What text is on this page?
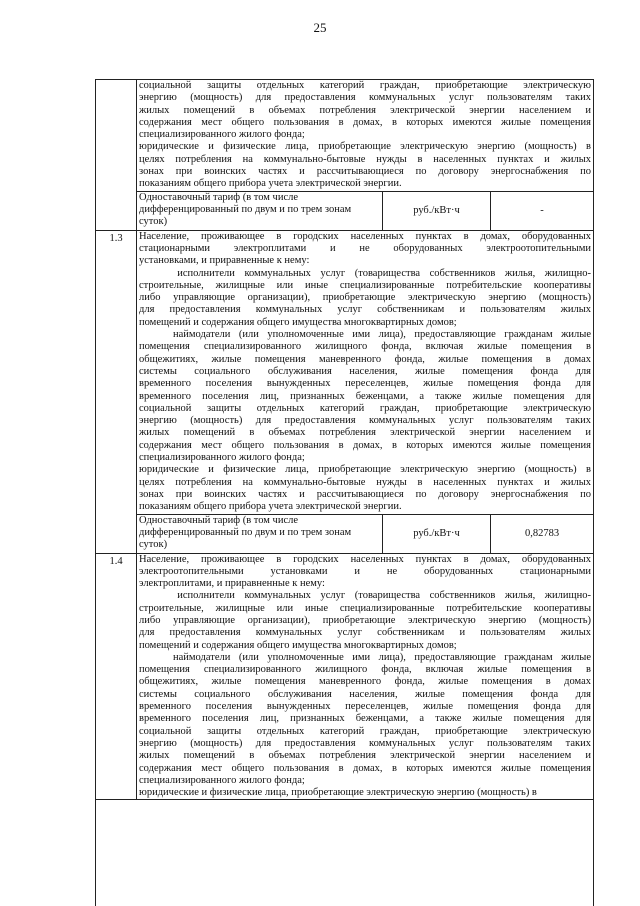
25
социальной защиты отдельных категорий граждан, приобретающие электрическую
энергию (мощность) для предоставления коммунальных услуг пользователям таких
жилых помещений в объемах потребления электрической энергии населением и
содержания мест общего пользования в домах, в которых имеются жилые помещения
специализированного жилого фонда;
юридические и физические лица, приобретающие электрическую энергию (мощность) в
целях потребления на коммунально-бытовые нужды в населенных пунктах и жилых
зонах при воинских частях и рассчитывающиеся по договору энергоснабжения по
показаниям общего прибора учета электрической энергии.
Одноставочный тариф (в том числе
дифференцированный по двум и по трем зонам
суток)
руб./кВт·ч	-
1.3	Население, проживающее в городских населенных пунктах в домах, оборудованных
стационарными электроплитами и не оборудованных электроотопительными
установками, и приравненные к нему:
исполнители коммунальных услуг (товарищества собственников жилья, жилищно-
строительные, жилищные или иные специализированные потребительские кооперативы
либо управляющие организации), приобретающие электрическую энергию (мощность)
для предоставления коммунальных услуг собственникам и пользователям жилых
помещений и содержания общего имущества многоквартирных домов;
наймодатели (или уполномоченные ими лица), предоставляющие гражданам жилые
помещения специализированного жилищного фонда, включая жилые помещения в
общежитиях, жилые помещения маневренного фонда, жилые помещения в домах
системы социального обслуживания населения, жилые помещения фонда для
временного поселения вынужденных переселенцев, жилые помещения фонда для
временного поселения лиц, признанных беженцами, а также жилые помещения для
социальной защиты отдельных категорий граждан, приобретающие электрическую
энергию (мощность) для предоставления коммунальных услуг пользователям таких
жилых помещений в объемах потребления электрической энергии населением и
содержания мест общего пользования в домах, в которых имеются жилые помещения
специализированного жилого фонда;
юридические и физические лица, приобретающие электрическую энергию (мощность) в
целях потребления на коммунально-бытовые нужды в населенных пунктах и жилых
зонах при воинских частях и рассчитывающиеся по договору энергоснабжения по
показаниям общего прибора учета электрической энергии.
Одноставочный тариф (в том числе
дифференцированный по двум и по трем зонам
суток)
руб./кВт·ч	0,82783
1.4	Население, проживающее в городских населенных пунктах в домах, оборудованных
электроотопительными установками и не оборудованных стационарными
электроплитами, и приравненные к нему:
исполнители коммунальных услуг (товарищества собственников жилья, жилищно-
строительные, жилищные или иные специализированные потребительские кооперативы
либо управляющие организации), приобретающие электрическую энергию (мощность)
для предоставления коммунальных услуг собственникам и пользователям жилых
помещений и содержания общего имущества многоквартирных домов;
наймодатели (или уполномоченные ими лица), предоставляющие гражданам жилые
помещения специализированного жилищного фонда, включая жилые помещения в
общежитиях, жилые помещения маневренного фонда, жилые помещения в домах
системы социального обслуживания населения, жилые помещения фонда для
временного поселения вынужденных переселенцев, жилые помещения фонда для
временного поселения лиц, признанных беженцами, а также жилые помещения для
социальной защиты отдельных категорий граждан, приобретающие электрическую
энергию (мощность) для предоставления коммунальных услуг пользователям таких
жилых помещений в объемах потребления электрической энергии населением и
содержания мест общего пользования в домах, в которых имеются жилые помещения
специализированного жилого фонда;
юридические и физические лица, приобретающие электрическую энергию (мощность) в
